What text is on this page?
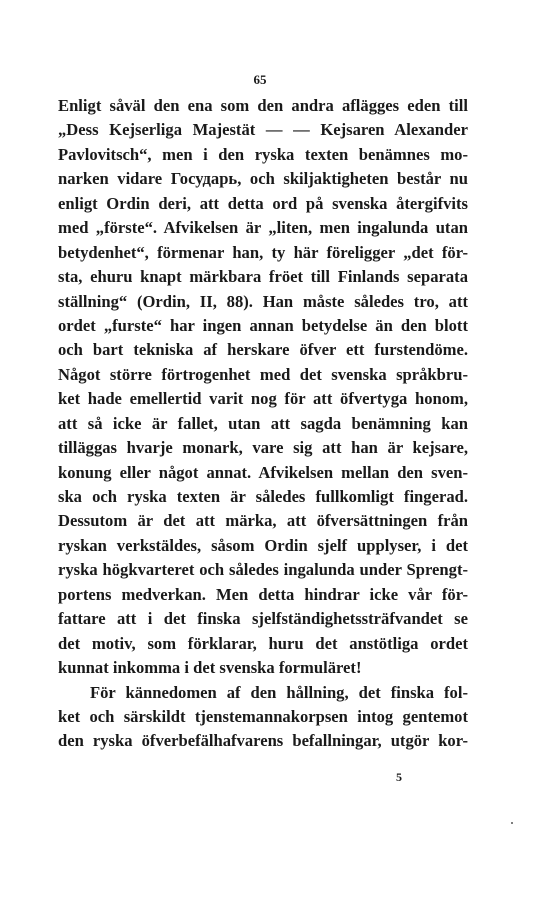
65
Enligt såväl den ena som den andra aflägges eden till
„Dess Kejserliga Majestät — — Kejsaren Alexander
Pavlovitsch“, men i den ryska texten benämnes mo-
narken vidare Государь, och skiljaktigheten består nu
enligt Ordin deri, att detta ord på svenska återgifvits
med „förste“. Afvikelsen är „liten, men ingalunda utan
betydenhet“, förmenar han, ty här föreligger „det för-
sta, ehuru knapt märkbara fröet till Finlands separata
ställning“ (Ordin, II, 88). Han måste således tro, att
ordet „furste“ har ingen annan betydelse än den blott
och bart tekniska af herskare öfver ett furstendöme.
Något större förtrogenhet med det svenska språkbru-
ket hade emellertid varit nog för att öfvertyga honom,
att så icke är fallet, utan att sagda benämning kan
tilläggas hvarje monark, vare sig att han är kejsare,
konung eller något annat. Afvikelsen mellan den sven-
ska och ryska texten är således fullkomligt fingerad.
Dessutom är det att märka, att öfversättningen från
ryskan verkstäldes, såsom Ordin sjelf upplyser, i det
ryska högkvarteret och således ingalunda under Sprengt-
portens medverkan. Men detta hindrar icke vår för-
fattare att i det finska sjelfständighetssträfvandet se
det motiv, som förklarar, huru det anstötliga ordet
kunnat inkomma i det svenska formuläret!
För kännedomen af den hållning, det finska fol-
ket och särskildt tjenstemannakorpsen intog gentemot
den ryska öfverbefälhafvarens befallningar, utgör kor-
5
